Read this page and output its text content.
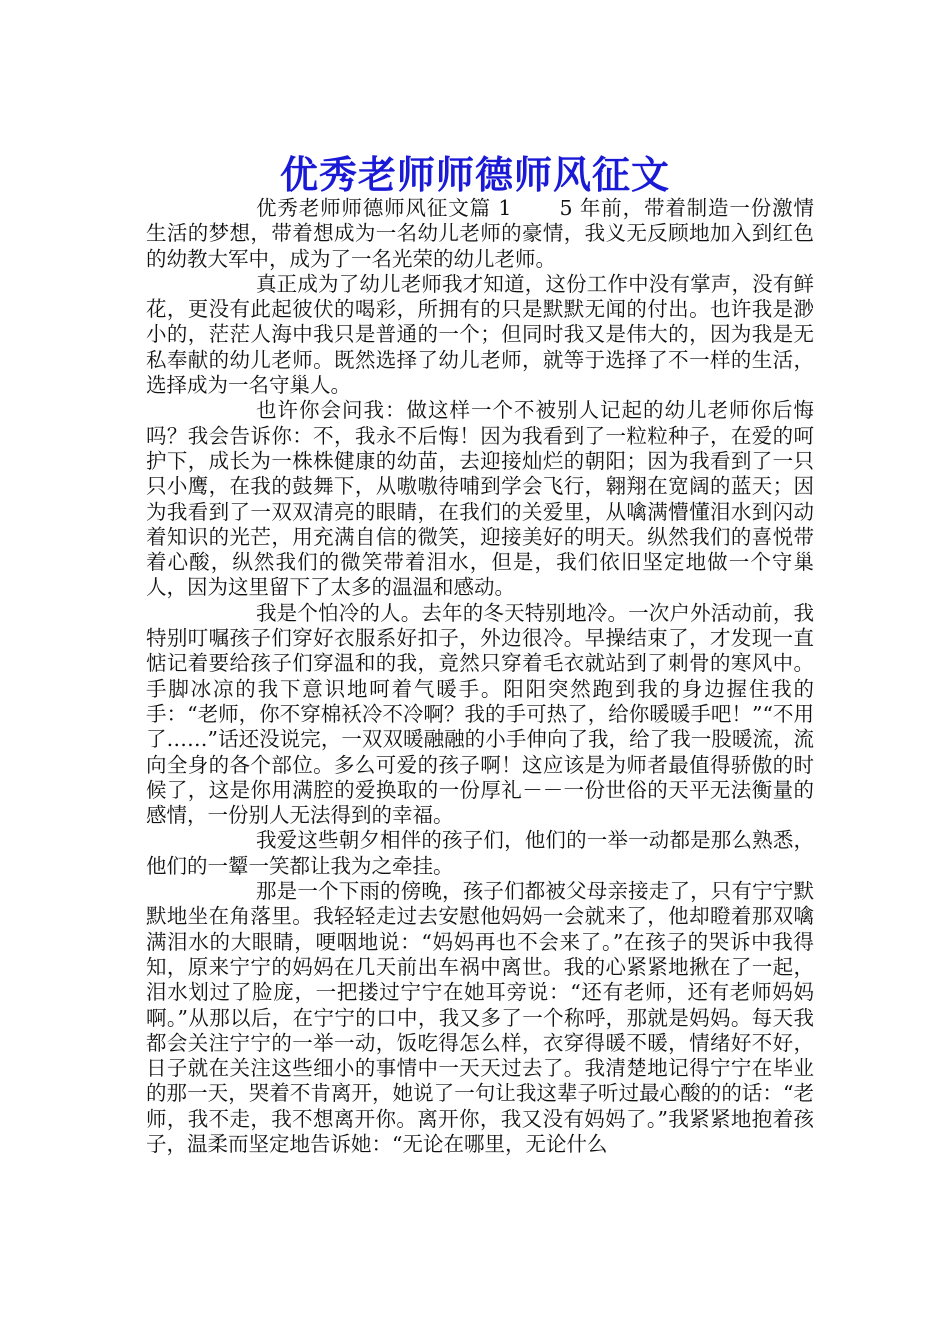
优秀老师师德师风征文

优秀老师师德师风征文篇 1 5 年前，带着制造一份激情生活的梦想，带着想成为一名幼儿老师的豪情，我义无反顾地加入到红色的幼教大军中，成为了一名光荣的幼儿老师。

真正成为了幼儿老师我才知道，这份工作中没有掌声，没有鲜花，更没有此起彼伏的喝彩，所拥有的只是默默无闻的付出。也许我是渺小的，茫茫人海中我只是普通的一个；但同时我又是伟大的，因为我是无私奉献的幼儿老师。既然选择了幼儿老师，就等于选择了不一样的生活，选择成为一名守巢人。

也许你会问我：做这样一个不被别人记起的幼儿老师你后悔吗？我会告诉你：不，我永不后悔！因为我看到了一粒粒种子，在爱的呵护下，成长为一株株健康的幼苗，去迎接灿烂的朝阳；因为我看到了一只只小鹰，在我的鼓舞下，从嗷嗷待哺到学会飞行，翱翔在宽阔的蓝天；因为我看到了一双双清亮的眼睛，在我们的关爱里，从噙满懵懂泪水到闪动着知识的光芒，用充满自信的微笑，迎接美好的明天。纵然我们的喜悦带着心酸，纵然我们的微笑带着泪水，但是，我们依旧坚定地做一个守巢人，因为这里留下了太多的温温和感动。

我是个怕冷的人。去年的冬天特别地冷。一次户外活动前，我特别叮嘱孩子们穿好衣服系好扣子，外边很冷。早操结束了，才发现一直惦记着要给孩子们穿温和的我，竟然只穿着毛衣就站到了刺骨的寒风中。手脚冰凉的我下意识地呵着气暖手。阳阳突然跑到我的身边握住我的手：“老师，你不穿棉袄冷不冷啊？我的手可热了，给你暖暖手吧！”“不用了……”话还没说完，一双双暖融融的小手伸向了我，给了我一股暖流，流向全身的各个部位。多么可爱的孩子啊！这应该是为师者最值得骄傲的时候了，这是你用满腔的爱换取的一份厚礼－－一份世俗的天平无法衡量的感情，一份别人无法得到的幸福。

我爱这些朝夕相伴的孩子们，他们的一举一动都是那么熟悉，他们的一颦一笑都让我为之牵挂。

那是一个下雨的傍晚，孩子们都被父母亲接走了，只有宁宁默默地坐在角落里。我轻轻走过去安慰他妈妈一会就来了，他却瞪着那双噙满泪水的大眼睛，哽咽地说：“妈妈再也不会来了。”在孩子的哭诉中我得知，原来宁宁的妈妈在几天前出车祸中离世。我的心紧紧地揪在了一起，泪水划过了脸庞，一把搂过宁宁在她耳旁说：“还有老师，还有老师妈妈啊。”从那以后，在宁宁的口中，我又多了一个称呼，那就是妈妈。每天我都会关注宁宁的一举一动，饭吃得怎么样，衣穿得暖不暖，情绪好不好，日子就在关注这些细小的事情中一天天过去了。我清楚地记得宁宁在毕业的那一天，哭着不肯离开，她说了一句让我这辈子听过最心酸的的话：“老师，我不走，我不想离开你。离开你，我又没有妈妈了。”我紧紧地抱着孩子，温柔而坚定地告诉她：“无论在哪里，无论什么
